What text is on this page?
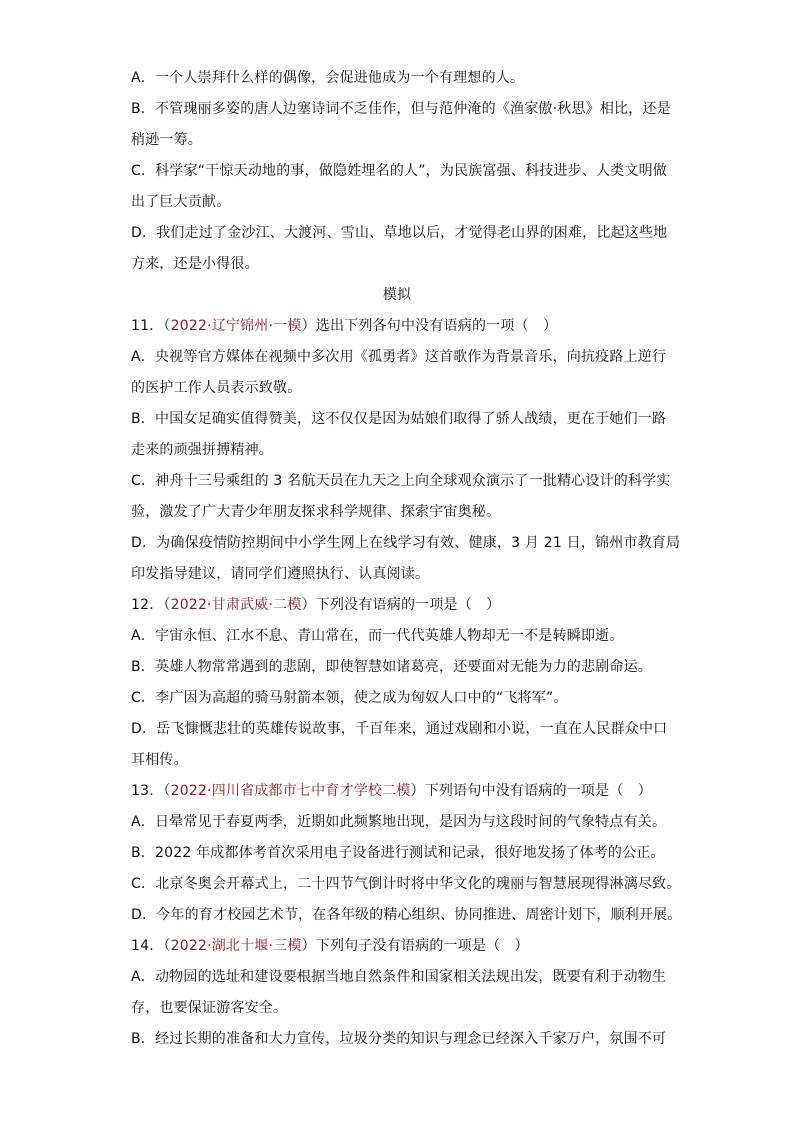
A．一个人崇拜什么样的偶像，会促进他成为一个有理想的人。
B．不管瑰丽多姿的唐人边塞诗词不乏佳作，但与范仲淹的《渔家傲·秋思》相比，还是
稍逊一筹。
C．科学家“干惊天动地的事，做隐姓埋名的人”，为民族富强、科技进步、人类文明做
出了巨大贡献。
D．我们走过了金沙江、大渡河、雪山、草地以后，才觉得老山界的困难，比起这些地
方来，还是小得很。
模拟
11．（2022·辽宁锦州·一模）选出下列各句中没有语病的一项（　）
A．央视等官方媒体在视频中多次用《孤勇者》这首歌作为背景音乐，向抗疫路上逆行
的医护工作人员表示致敬。
B．中国女足确实值得赞美，这不仅仅是因为姑娘们取得了骄人战绩，更在于她们一路
走来的顽强拼搏精神。
C．神舟十三号乘组的 3 名航天员在九天之上向全球观众演示了一批精心设计的科学实
验，激发了广大青少年朋友探求科学规律、探索宇宙奥秘。
D．为确保疫情防控期间中小学生网上在线学习有效、健康，3 月 21 日，锦州市教育局
印发指导建议，请同学们遵照执行、认真阅读。
12．（2022·甘肃武威·二模）下列没有语病的一项是（　）
A．宇宙永恒、江水不息、青山常在，而一代代英雄人物却无一不是转瞬即逝。
B．英雄人物常常遇到的悲剧，即使智慧如诸葛亮，还要面对无能为力的悲剧命运。
C．李广因为高超的骑马射箭本领，使之成为匈奴人口中的“飞将军”。
D．岳飞慷慨悲壮的英雄传说故事，千百年来，通过戏剧和小说，一直在人民群众中口
耳相传。
13．（2022·四川省成都市七中育才学校二模）下列语句中没有语病的一项是（　）
A．日晕常见于春夏两季，近期如此频繁地出现，是因为与这段时间的气象特点有关。
B．2022 年成都体考首次采用电子设备进行测试和记录，很好地发扬了体考的公正。
C．北京冬奥会开幕式上，二十四节气倒计时将中华文化的瑰丽与智慧展现得淋漓尽致。
D．今年的育才校园艺术节，在各年级的精心组织、协同推进、周密计划下，顺利开展。
14．（2022·湖北十堰·三模）下列句子没有语病的一项是（　）
A．动物园的选址和建设要根据当地自然条件和国家相关法规出发，既要有利于动物生
存，也要保证游客安全。
B．经过长期的准备和大力宣传，垃圾分类的知识与理念已经深入千家万户，氛围不可
